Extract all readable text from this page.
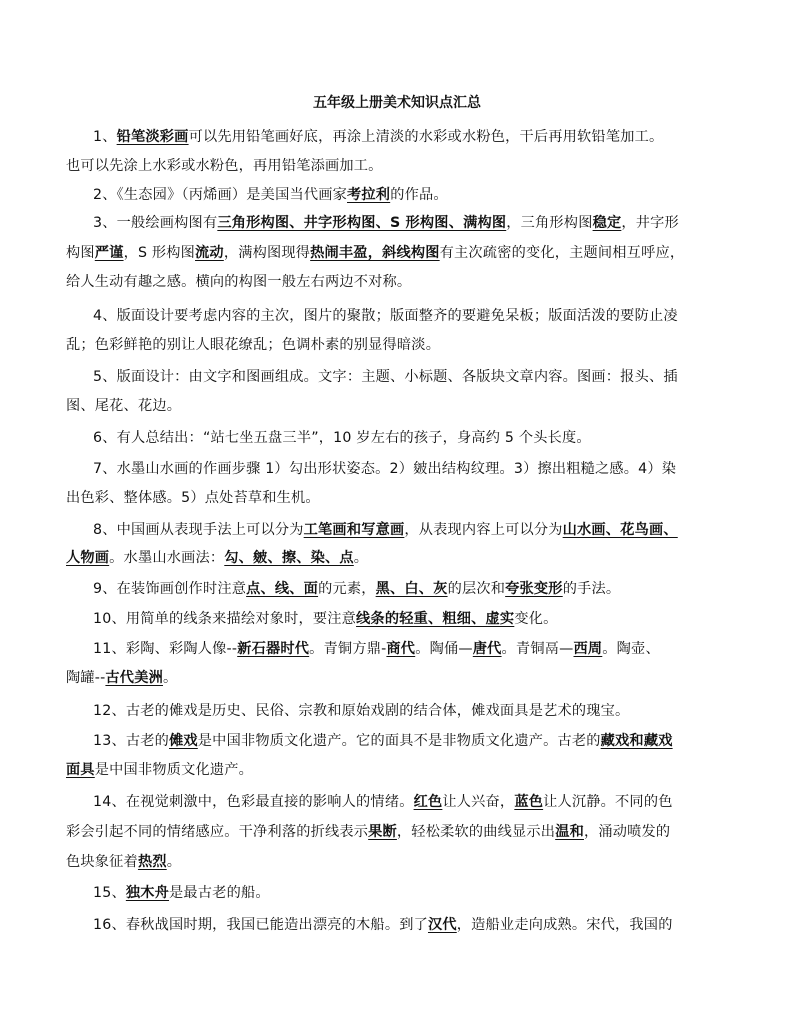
五年级上册美术知识点汇总
1、铅笔淡彩画可以先用铅笔画好底，再涂上清淡的水彩或水粉色，干后再用软铅笔加工。
也可以先涂上水彩或水粉色，再用铅笔添画加工。
2、《生态园》（丙烯画）是美国当代画家考拉利的作品。
3、一般绘画构图有三角形构图、井字形构图、S 形构图、满构图，三角形构图稳定，井字形
构图严谨，S 形构图流动，满构图现得热闹丰盈，斜线构图有主次疏密的变化，主题间相互呼应，
给人生动有趣之感。横向的构图一般左右两边不对称。
4、版面设计要考虑内容的主次，图片的聚散；版面整齐的要避免呆板；版面活泼的要防止凌
乱；色彩鲜艳的别让人眼花缭乱；色调朴素的别显得暗淡。
5、版面设计：由文字和图画组成。文字：主题、小标题、各版块文章内容。图画：报头、插
图、尾花、花边。
6、有人总结出：“站七坐五盘三半”，10 岁左右的孩子，身高约 5 个头长度。
7、水墨山水画的作画步骤 1）勾出形状姿态。2）皴出结构纹理。3）擦出粗糙之感。4）染
出色彩、整体感。5）点处苔草和生机。
8、中国画从表现手法上可以分为工笔画和写意画，从表现内容上可以分为山水画、花鸟画、
人物画。水墨山水画法：勾、皴、擦、染、点。
9、在装饰画创作时注意点、线、面的元素，黑、白、灰的层次和夸张变形的手法。
10、用简单的线条来描绘对象时，要注意线条的轻重、粗细、虚实变化。
11、彩陶、彩陶人像--新石器时代。青铜方鼎-商代。陶俑—唐代。青铜鬲—西周。陶壶、
陶罐--古代美洲。
12、古老的傩戏是历史、民俗、宗教和原始戏剧的结合体，傩戏面具是艺术的瑰宝。
13、古老的傩戏是中国非物质文化遗产。它的面具不是非物质文化遗产。古老的藏戏和藏戏
面具是中国非物质文化遗产。
14、在视觉刺激中，色彩最直接的影响人的情绪。红色让人兴奋，蓝色让人沉静。不同的色
彩会引起不同的情绪感应。干净利落的折线表示果断，轻松柔软的曲线显示出温和，涌动喷发的
色块象征着热烈。
15、独木舟是最古老的船。
16、春秋战国时期，我国已能造出漂亮的木船。到了汉代，造船业走向成熟。宋代，我国的
